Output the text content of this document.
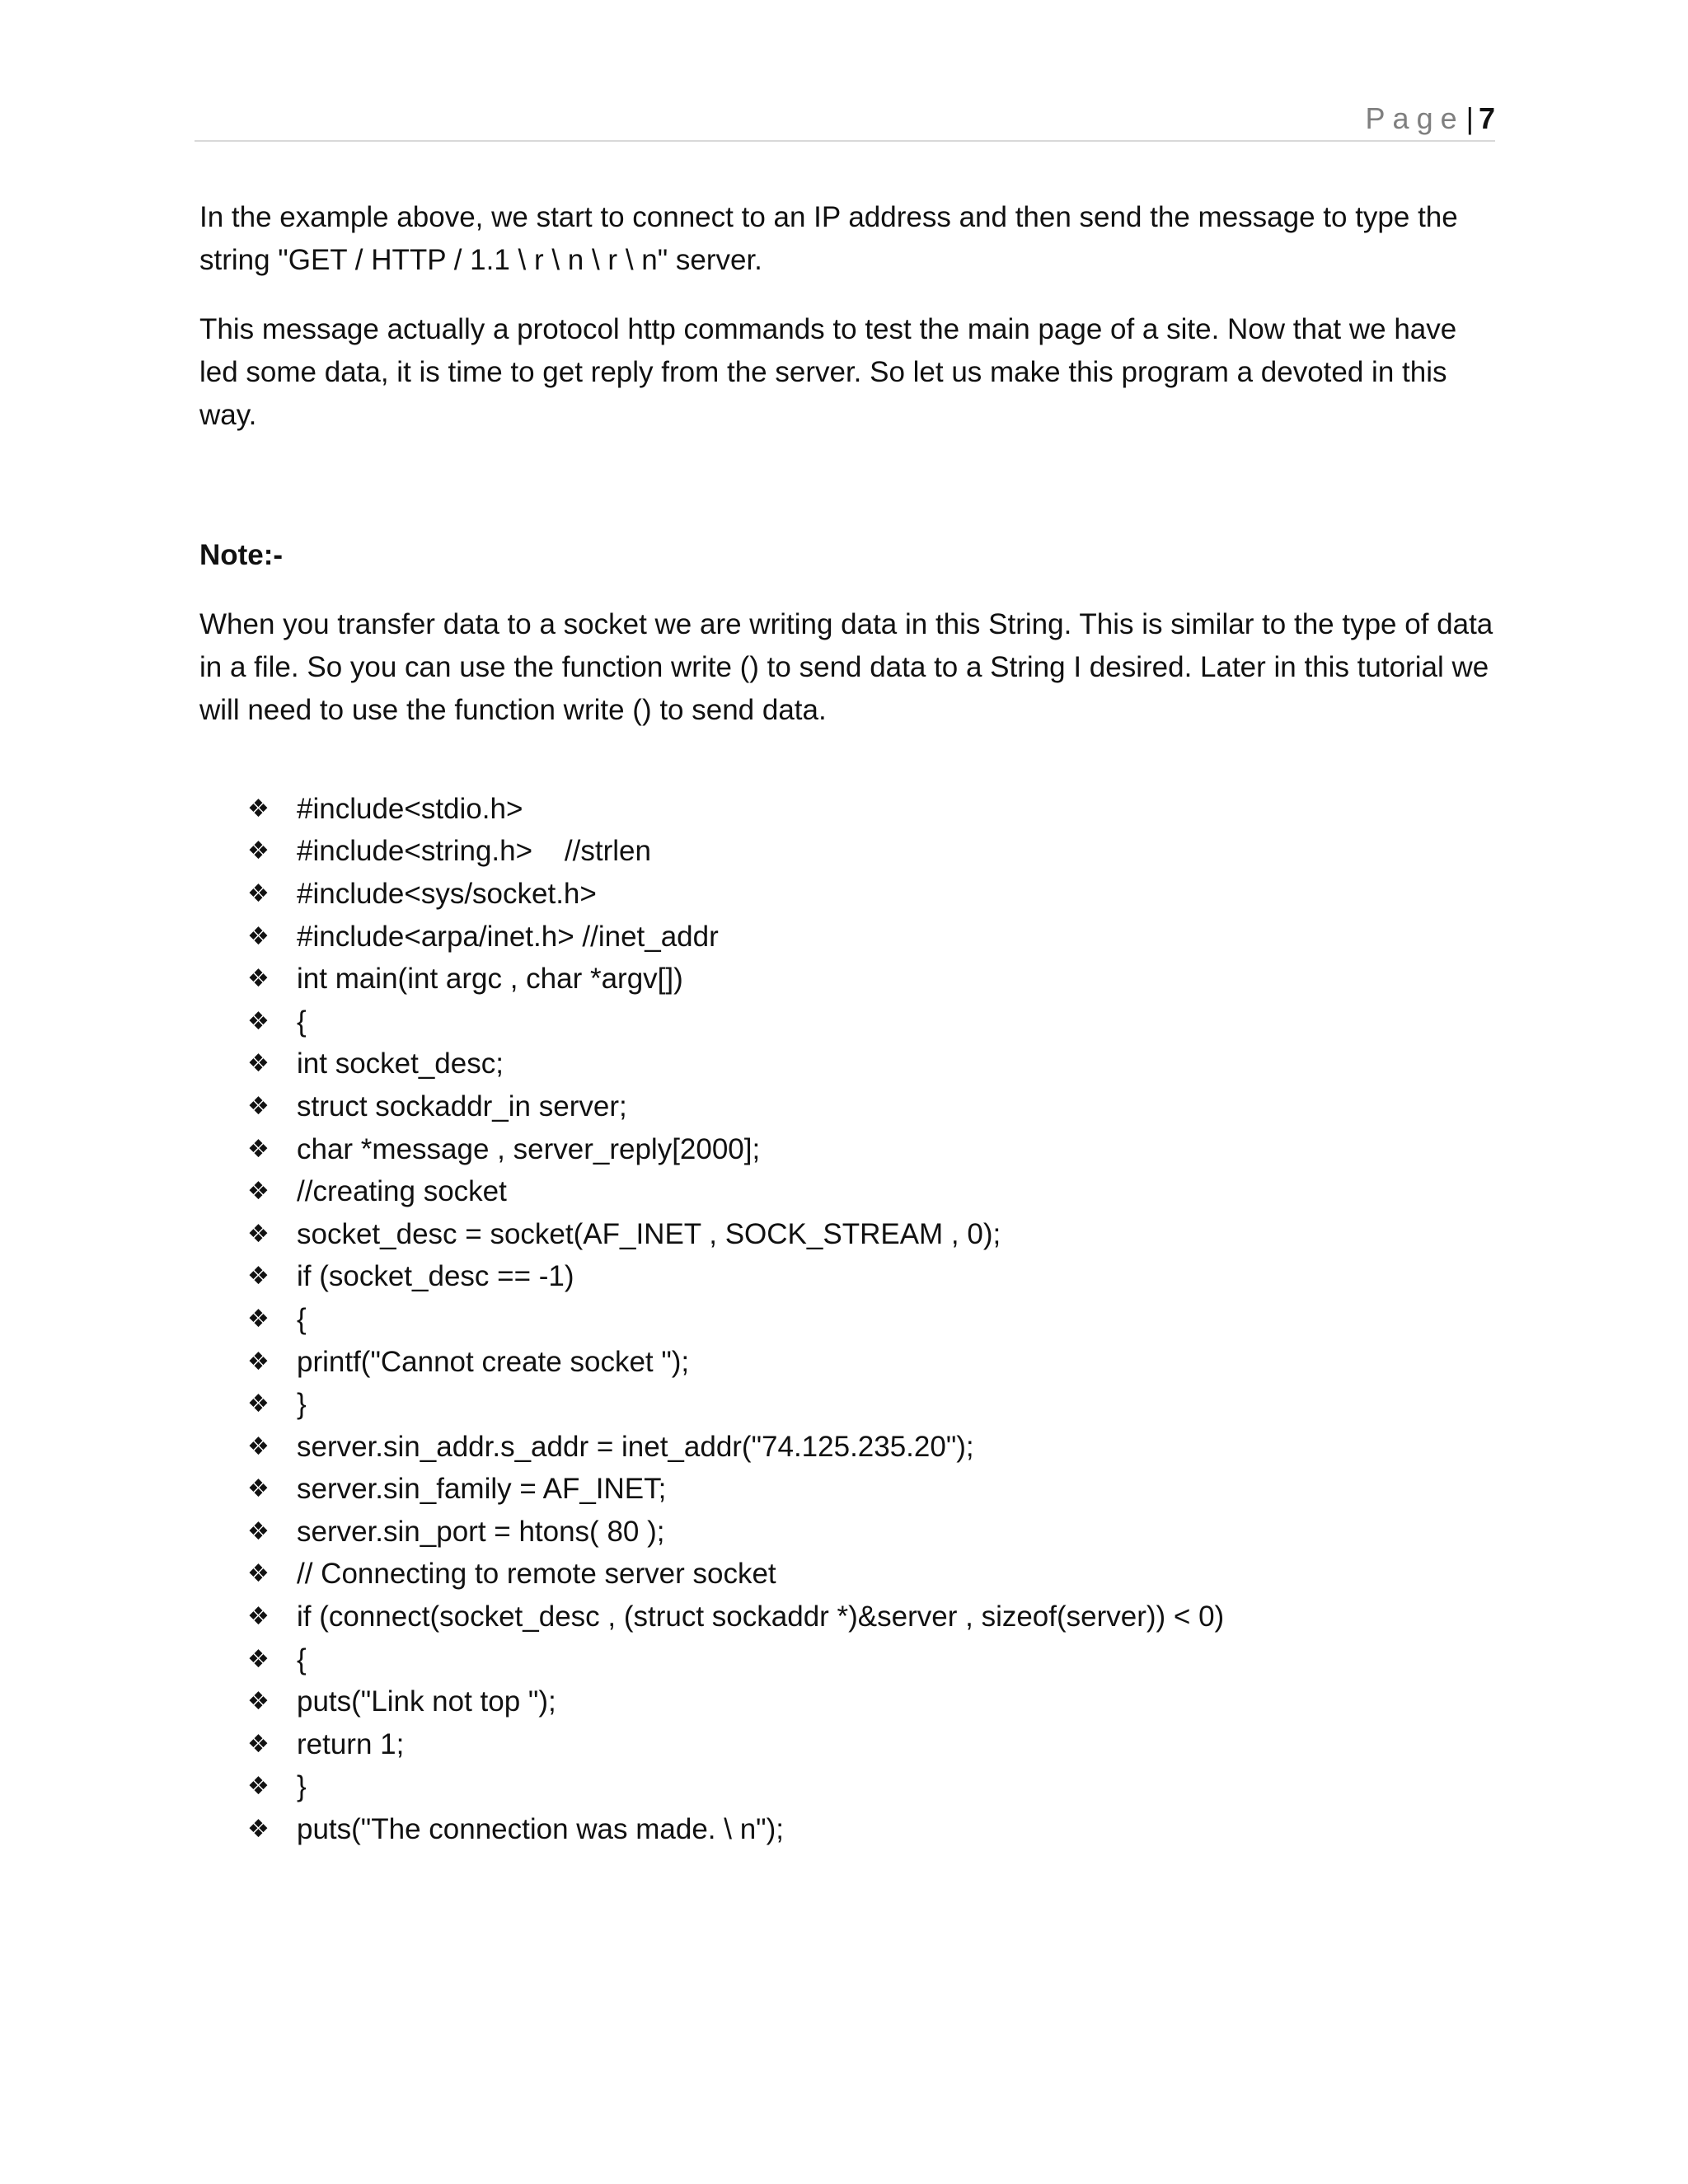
Page| 7

In the example above, we start to connect to an IP address and then send the message to type the string "GET / HTTP / 1.1 \ r \ n \ r \ n" server.

This message actually a protocol http commands to test the main page of a site. Now that we have led some data, it is time to get reply from the server. So let us make this program a devoted in this way.

Note:-

When you transfer data to a socket we are writing data in this String. This is similar to the type of data in a file. So you can use the function write () to send data to a String I desired. Later in this tutorial we will need to use the function write () to send data.

❖ #include<stdio.h>
❖ #include<string.h>    //strlen
❖ #include<sys/socket.h>
❖ #include<arpa/inet.h> //inet_addr
❖ int main(int argc , char *argv[])
❖ {
❖ int socket_desc;
❖ struct sockaddr_in server;
❖ char *message , server_reply[2000];
❖ //creating socket
❖ socket_desc = socket(AF_INET , SOCK_STREAM , 0);
❖ if (socket_desc == -1)
❖ {
❖ printf("Cannot create socket ");
❖ }
❖ server.sin_addr.s_addr = inet_addr("74.125.235.20");
❖ server.sin_family = AF_INET;
❖ server.sin_port = htons( 80 );
❖ // Connecting to remote server socket
❖ if (connect(socket_desc , (struct sockaddr *)&server , sizeof(server)) < 0)
❖ {
❖ puts("Link not top ");
❖ return 1;
❖ }
❖ puts("The connection was made. \ n");
